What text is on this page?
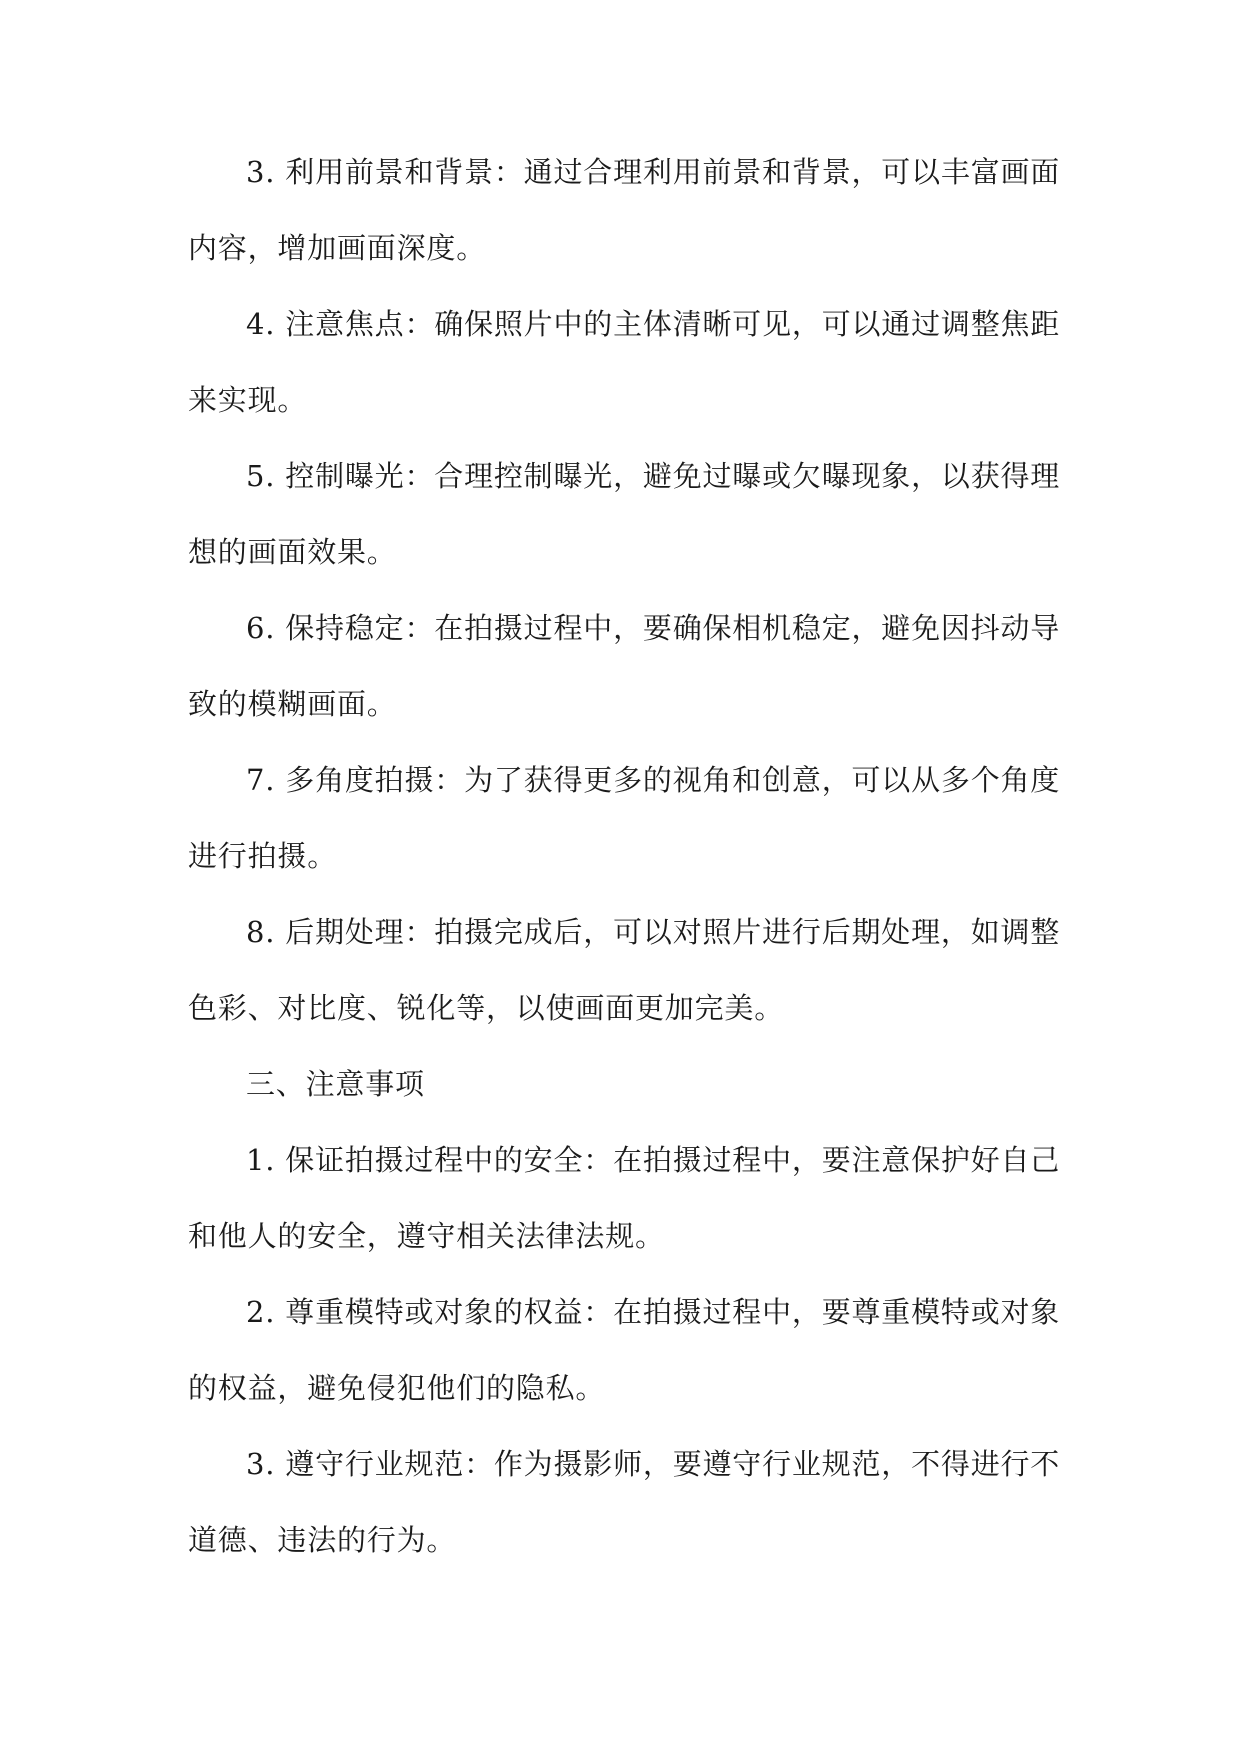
3. 利用前景和背景：通过合理利用前景和背景，可以丰富画面
内容，增加画面深度。
4. 注意焦点：确保照片中的主体清晰可见，可以通过调整焦距
来实现。
5. 控制曝光：合理控制曝光，避免过曝或欠曝现象，以获得理
想的画面效果。
6. 保持稳定：在拍摄过程中，要确保相机稳定，避免因抖动导
致的模糊画面。
7. 多角度拍摄：为了获得更多的视角和创意，可以从多个角度
进行拍摄。
8. 后期处理：拍摄完成后，可以对照片进行后期处理，如调整
色彩、对比度、锐化等，以使画面更加完美。
三、注意事项
1. 保证拍摄过程中的安全：在拍摄过程中，要注意保护好自己
和他人的安全，遵守相关法律法规。
2. 尊重模特或对象的权益：在拍摄过程中，要尊重模特或对象
的权益，避免侵犯他们的隐私。
3. 遵守行业规范：作为摄影师，要遵守行业规范，不得进行不
道德、违法的行为。
